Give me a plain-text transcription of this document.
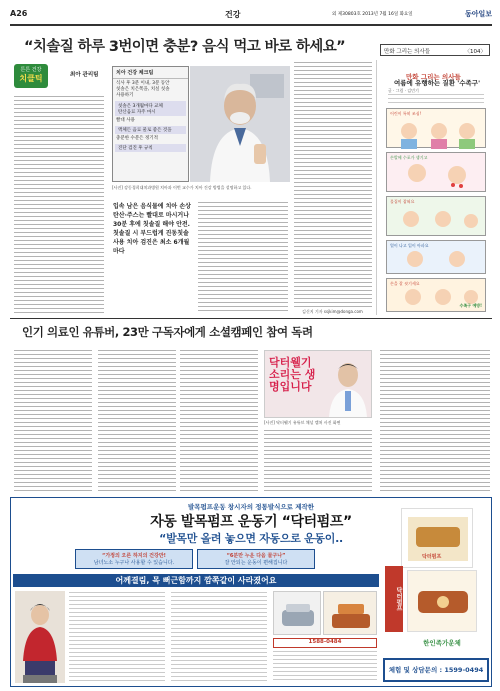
A26	건강	외 제30803호 2013년 7월 16일 화요일	동아일보
“치솔질 하루 3번이면 충분? 음식 먹고 바로 하세요”	만화 그리는 의사들	〈104〉
튼튼 건강
치클틱	최아 관리팀	치아 건강 체크팀
식사 후 3분 이내, 3분 동안
칫솔은 치은쪽을, 치실 칫솔
사용하기
칫솔은 3개월마다 교체
탄산음료 자주 마시
빨대 사용
액체든 음료 물로 좋은 것을
충분한 수분은 정기적
진단 검진 후 규칙
[사진] 강동경희대치과병원 치아과 이번 교수가 치아 건강 방법을 설명하고 있다.
입속 남은 음식물에 치아 손상 탄산·주스는 빨대로 마시거나 30분 후에 칫솔질 해야 안전. 칫솔질 시 부드럽게 진동칫솔 사용 치아 검진은 최소 6개월마다
김신지 기자 ssjkim@donga.com
만화 그리는 의사들
여름에 유행하는 질환 '수족구'
글 · 그림 · 김민기
어린이 특히 조심!
손발에 수포가 생기고
물집이 잡혀요
열이 나고 입이 아파요
손을 잘 씻기세요
수족구 예방!
인기 의료인 유튜버, 23만 구독자에게 소셜캠페인 참여 독려
닥터웰기 소리는 생명입니다
[사진] 닥터웰기 유튜브 채널 캡처 사진 화면
발목펌프운동 창시자의 정통발식으로 제작한
자동 발목펌프 운동기 “닥터펌프”
“발목만 올려 놓으면 자동으로 운동이..
“가정의 오른 하지의 건강만!
남녀노소 누구나 사용할 수 있습니다.
“6분만 누운 다음 물구나”
잘 안되는 운동이 편해집니다
어께결림, 목 뻐근함까지 깜쪽같이 사라졌어요
1588-0484
닥터펌프
닥터펌프
한인족가운체
체험 및 상담문의 : 1599-0494
